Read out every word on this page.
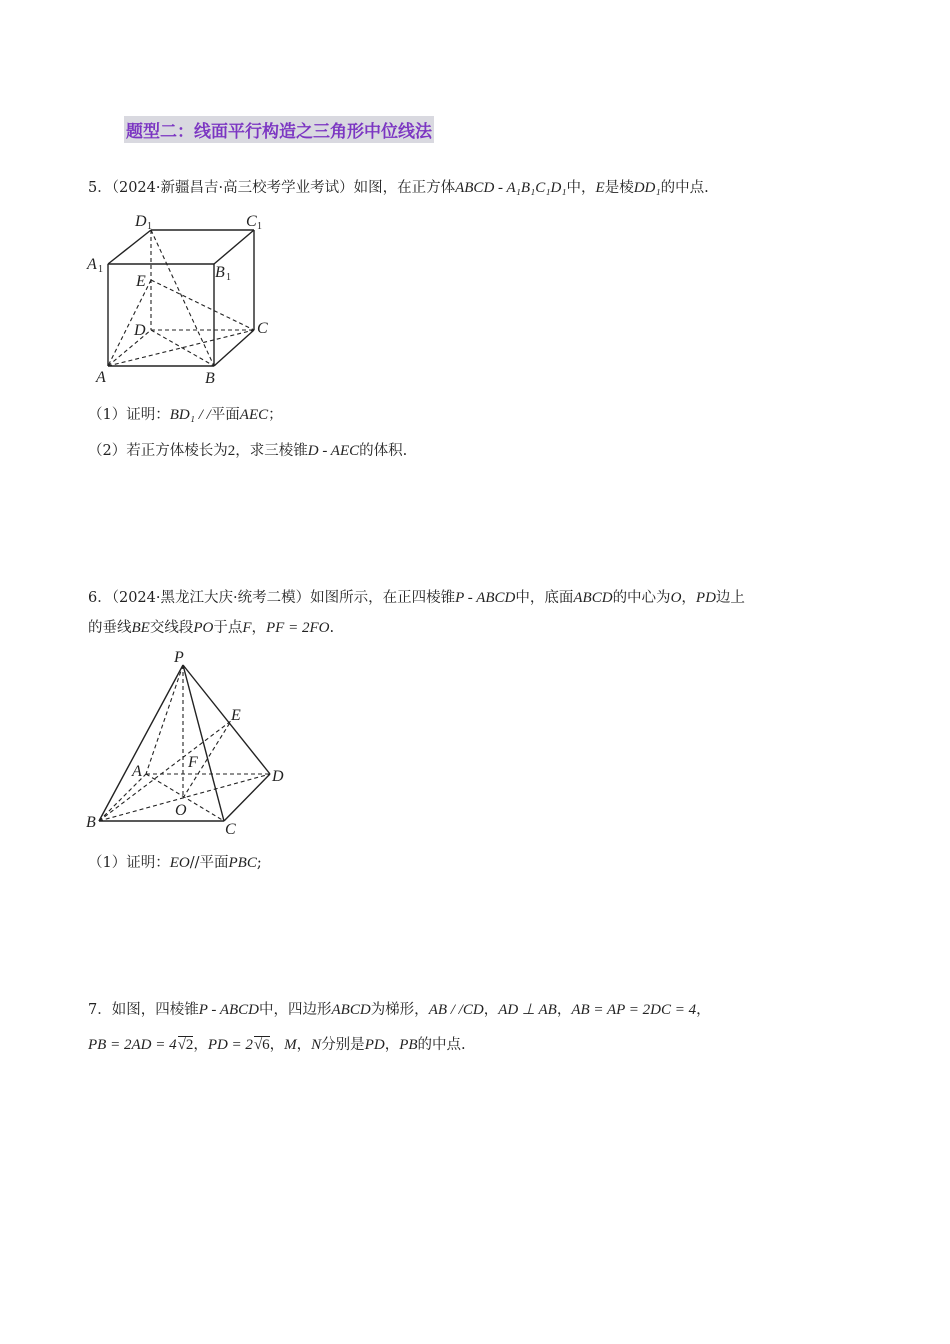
题型二：线面平行构造之三角形中位线法
5．（2024·新疆昌吉·高三校考学业考试）如图，在正方体ABCD - A₁B₁C₁D₁中，E是棱DD₁的中点.
D 1	C 1
A 1	B 1
E
D	C
A	B
（1）证明：BD₁ / /平面AEC；
（2）若正方体棱长为2，求三棱锥D - AEC的体积.
6．（2024·黑龙江大庆·统考二模）如图所示，在正四棱锥P - ABCD中，底面ABCD的中心为O，PD边上
的垂线BE交线段PO于点F，PF = 2FO.
P
E
A
F
D
O
B	C
（1）证明：EO//平面PBC;
7．如图，四棱锥P - ABCD中，四边形ABCD为梯形，AB / /CD，AD ⊥ AB，AB = AP = 2DC = 4，
PB = 2AD = 4√2，PD = 2√6，M，N分别是PD，PB的中点.
